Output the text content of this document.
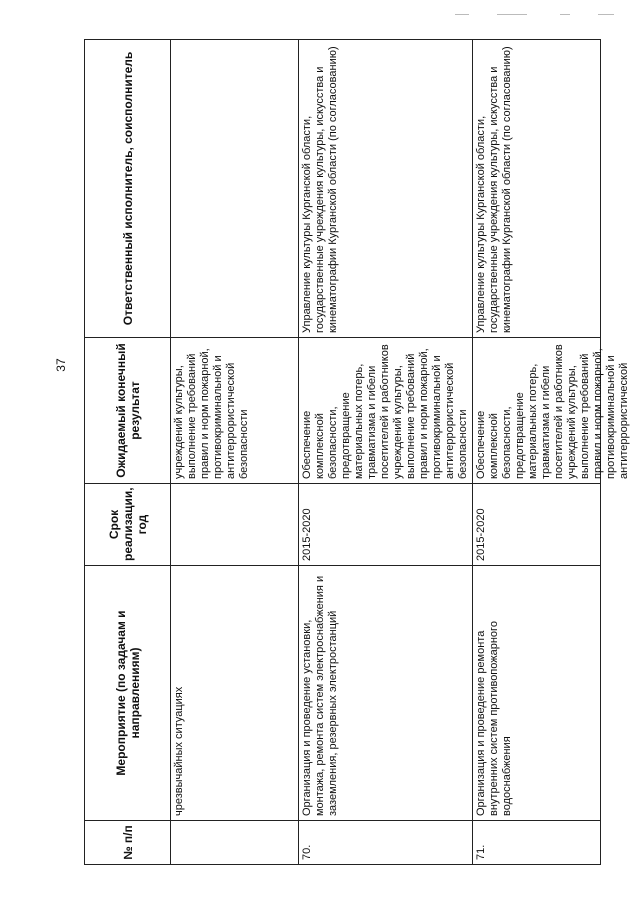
37
№ п/п	Мероприятие (по задачам и направлениям)	Срок реализации, год	Ожидаемый конечный результат	Ответственный исполнитель, соисполнитель
	чрезвычайных ситуациях		учреждений культуры, выполнение требований правил и норм пожарной, противокриминальной и антитеррористической безопасности	
70.	Организация и проведение установки, монтажа, ремонта систем электроснабжения и заземления, резервных электростанций	2015-2020	Обеспечение комплексной безопасности, предотвращение материальных потерь, травматизма и гибели посетителей и работников учреждений культуры, выполнение требований правил и норм пожарной, противокриминальной и антитеррористической безопасности	Управление культуры Курганской области, государственные учреждения культуры, искусства и кинематографии Курганской области (по согласованию)
71.	Организация и проведение ремонта внутренних систем противопожарного водоснабжения	2015-2020	Обеспечение комплексной безопасности, предотвращение материальных потерь, травматизма и гибели посетителей и работников учреждений культуры, выполнение требований правил и норм пожарной, противокриминальной и антитеррористической	Управление культуры Курганской области, государственные учреждения культуры, искусства и кинематографии Курганской области (по согласованию)
